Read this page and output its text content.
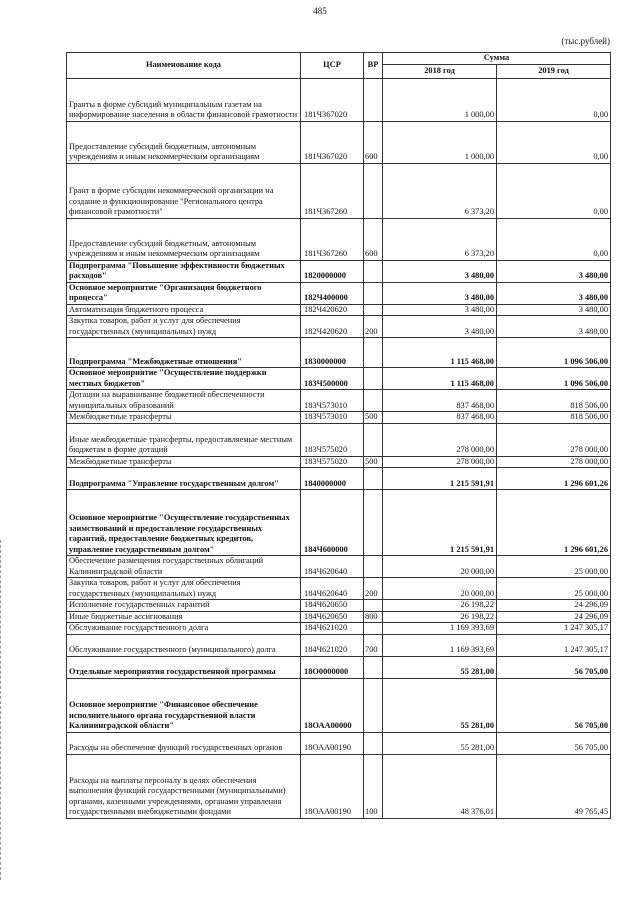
485
(тыс.рублей)
Наименование кода	ЦСР	ВР	Сумма	
			2018 год	2019 год
Гранты в форме субсидий муниципальным газетам на информирование населения в области финансовой грамотности	181Ч367020		1 000,00	0,00
Предоставление субсидий бюджетным, автономным учреждениям и иным некоммерческим организациям	181Ч367020	600	1 000,00	0,00
Грант в форме субсидии некоммерческой организации на создание и функционирование "Регионального центра финансовой грамотности"	181Ч367260		6 373,20	0,00
Предоставление субсидий бюджетным, автономным учреждениям и иным некоммерческим организациям	181Ч367260	600	6 373,20	0,00
Подпрограмма "Повышение эффективности бюджетных расходов"	1820000000		3 480,00	3 480,00
Основное мероприятие "Организация бюджетного процесса"	182Ч400000		3 480,00	3 480,00
Автоматизация бюджетного процесса	182Ч420620		3 480,00	3 480,00
Закупка товаров, работ и услуг для обеспечения государственных (муниципальных) нужд	182Ч420620	200	3 480,00	3 480,00
Подпрограмма "Межбюджетные отношения"	1830000000		1 115 468,00	1 096 506,00
Основное мероприятие "Осуществление поддержки местных бюджетов"	183Ч500000		1 115 468,00	1 096 506,00
Дотации на выравнивание бюджетной обеспеченности муниципальных образований	183Ч573010		837 468,00	818 506,00
Межбюджетные трансферты	183Ч573010	500	837 468,00	818 506,00
Иные межбюджетные трансферты, предоставляемые местным бюджетам в форме дотаций	183Ч575020		278 000,00	278 000,00
Межбюджетные трансферты	183Ч575020	500	278 000,00	278 000,00
Подпрограмма "Управление государственным долгом"	1840000000		1 215 591,91	1 296 601,26
Основное мероприятие "Осуществление государственных заимствований и предоставление государственных гарантий, предоставление бюджетных кредитов, управление государственным долгом"	184Ч600000		1 215 591,91	1 296 601,26
Обеспечение размещения государственных облигаций Калининградской области	184Ч620640		20 000,00	25 000,00
Закупка товаров, работ и услуг для обеспечения государственных (муниципальных) нужд	184Ч620640	200	20 000,00	25 000,00
Исполнение государственных гарантий	184Ч620650		26 198,22	24 296,09
Иные бюджетные ассигнования	184Ч620650	800	26 198,22	24 296,09
Обслуживание государственного долга	184Ч621020		1 169 393,69	1 247 305,17
Обслуживание государственного (муниципального) долга	184Ч621020	700	1 169 393,69	1 247 305,17
Отдельные мероприятия государственной программы	18О0000000		55 281,00	56 705,00
Основное мероприятие "Финансовое обеспечение исполнительного органа государственной власти Калининградской области"	18ОАА00000		55 281,00	56 705,00
Расходы на обеспечение функций государственных органов	18ОАА00190		55 281,00	56 705,00
Расходы на выплаты персоналу в целях обеспечения выполнения функций государственными (муниципальными) органами, казенными учреждениями, органами управления государственными внебюджетными фондами	18ОАА00190	100	48 376,01	49 765,45
